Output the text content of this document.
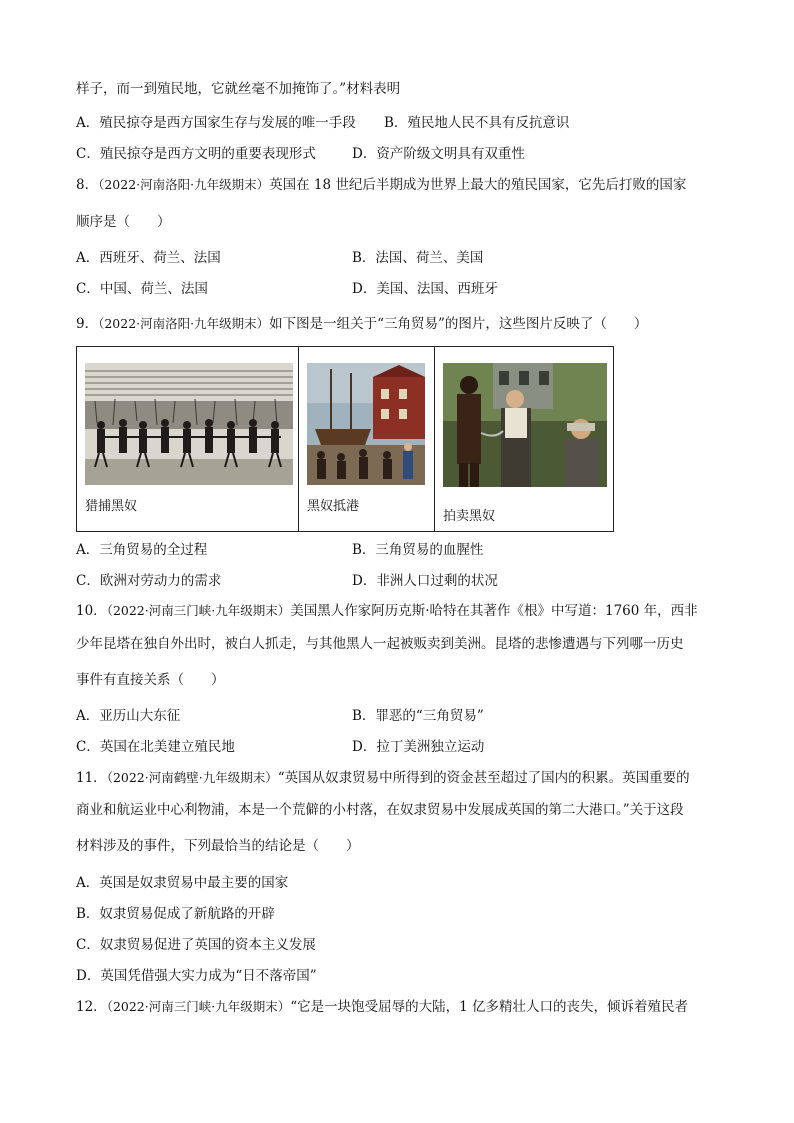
样子，而一到殖民地，它就丝毫不加掩饰了。”材料表明
A．殖民掠夺是西方国家生存与发展的唯一手段 B．殖民地人民不具有反抗意识
C．殖民掠夺是西方文明的重要表现形式	D．资产阶级文明具有双重性
8．（2022·河南洛阳·九年级期末）英国在 18 世纪后半期成为世界上最大的殖民国家，它先后打败的国家
顺序是（　　）
A．西班牙、荷兰、法国	B．法国、荷兰、美国
C．中国、荷兰、法国	D．美国、法国、西班牙
9．（2022·河南洛阳·九年级期末）如下图是一组关于“三角贸易”的图片，这些图片反映了（　　）
猎捕黑奴	黑奴抵港
拍卖黑奴
A．三角贸易的全过程	B．三角贸易的血腥性
C．欧洲对劳动力的需求	D．非洲人口过剩的状况
10．（2022·河南三门峡·九年级期末）美国黑人作家阿历克斯·哈特在其著作《根》中写道：1760 年，西非
少年昆塔在独自外出时，被白人抓走，与其他黑人一起被贩卖到美洲。昆塔的悲惨遭遇与下列哪一历史
事件有直接关系（　　）
A．亚历山大东征	B．罪恶的“三角贸易”
C．英国在北美建立殖民地	D．拉丁美洲独立运动
11．（2022·河南鹤壁·九年级期末）“英国从奴隶贸易中所得到的资金甚至超过了国内的积累。英国重要的
商业和航运业中心利物浦，本是一个荒僻的小村落，在奴隶贸易中发展成英国的第二大港口。”关于这段
材料涉及的事件，下列最恰当的结论是（　　）
A．英国是奴隶贸易中最主要的国家
B．奴隶贸易促成了新航路的开辟
C．奴隶贸易促进了英国的资本主义发展
D．英国凭借强大实力成为“日不落帝国”
12．（2022·河南三门峡·九年级期末）“它是一块饱受屈辱的大陆，1 亿多精壮人口的丧失，倾诉着殖民者
